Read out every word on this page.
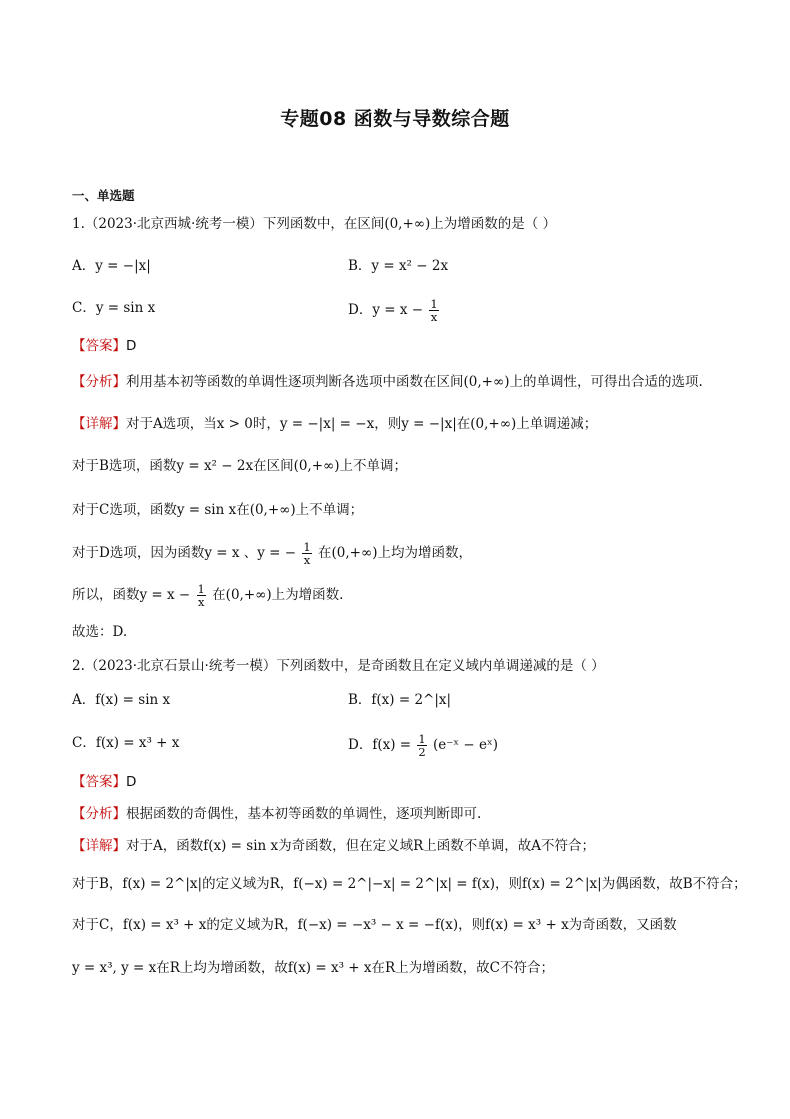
专题08 函数与导数综合题
一、单选题
1.（2023·北京西城·统考一模）下列函数中，在区间(0,+∞)上为增函数的是（ ）
A．y = −|x|	B．y = x² − 2x
C．y = sin x	D．$y = x - \frac{1}{x}$
【答案】D
【分析】利用基本初等函数的单调性逐项判断各选项中函数在区间(0,+∞)上的单调性，可得出合适的选项.
【详解】对于A选项，当x > 0时，y = −|x| = −x，则y = −|x|在(0,+∞)上单调递减；
对于B选项，函数y = x² − 2x在区间(0,+∞)上不单调；
对于C选项，函数y = sin x在(0,+∞)上不单调；
对于D选项，因为函数y = x 、y = − $\frac{1}{x}$ 在(0,+∞)上均为增函数，
所以，函数$y = x - \frac{1}{x}$ 在(0,+∞)上为增函数.
故选：D.
2.（2023·北京石景山·统考一模）下列函数中，是奇函数且在定义域内单调递减的是（ ）
A．f(x) = sin x	B．f(x) = 2^|x|
C．f(x) = x³ + x	D．$f(x) = \frac{1}{2}$ (e⁻ˣ − eˣ)
【答案】D
【分析】根据函数的奇偶性，基本初等函数的单调性，逐项判断即可.
【详解】对于A，函数f(x) = sin x为奇函数，但在定义域R上函数不单调，故A不符合；
对于B，f(x) = 2^|x|的定义域为R，f(−x) = 2^|−x| = 2^|x| = f(x)，则f(x) = 2^|x|为偶函数，故B不符合；
对于C，f(x) = x³ + x的定义域为R，f(−x) = −x³ − x = −f(x)，则f(x) = x³ + x为奇函数，又函数
y = x³, y = x在R上均为增函数，故f(x) = x³ + x在R上为增函数，故C不符合；
